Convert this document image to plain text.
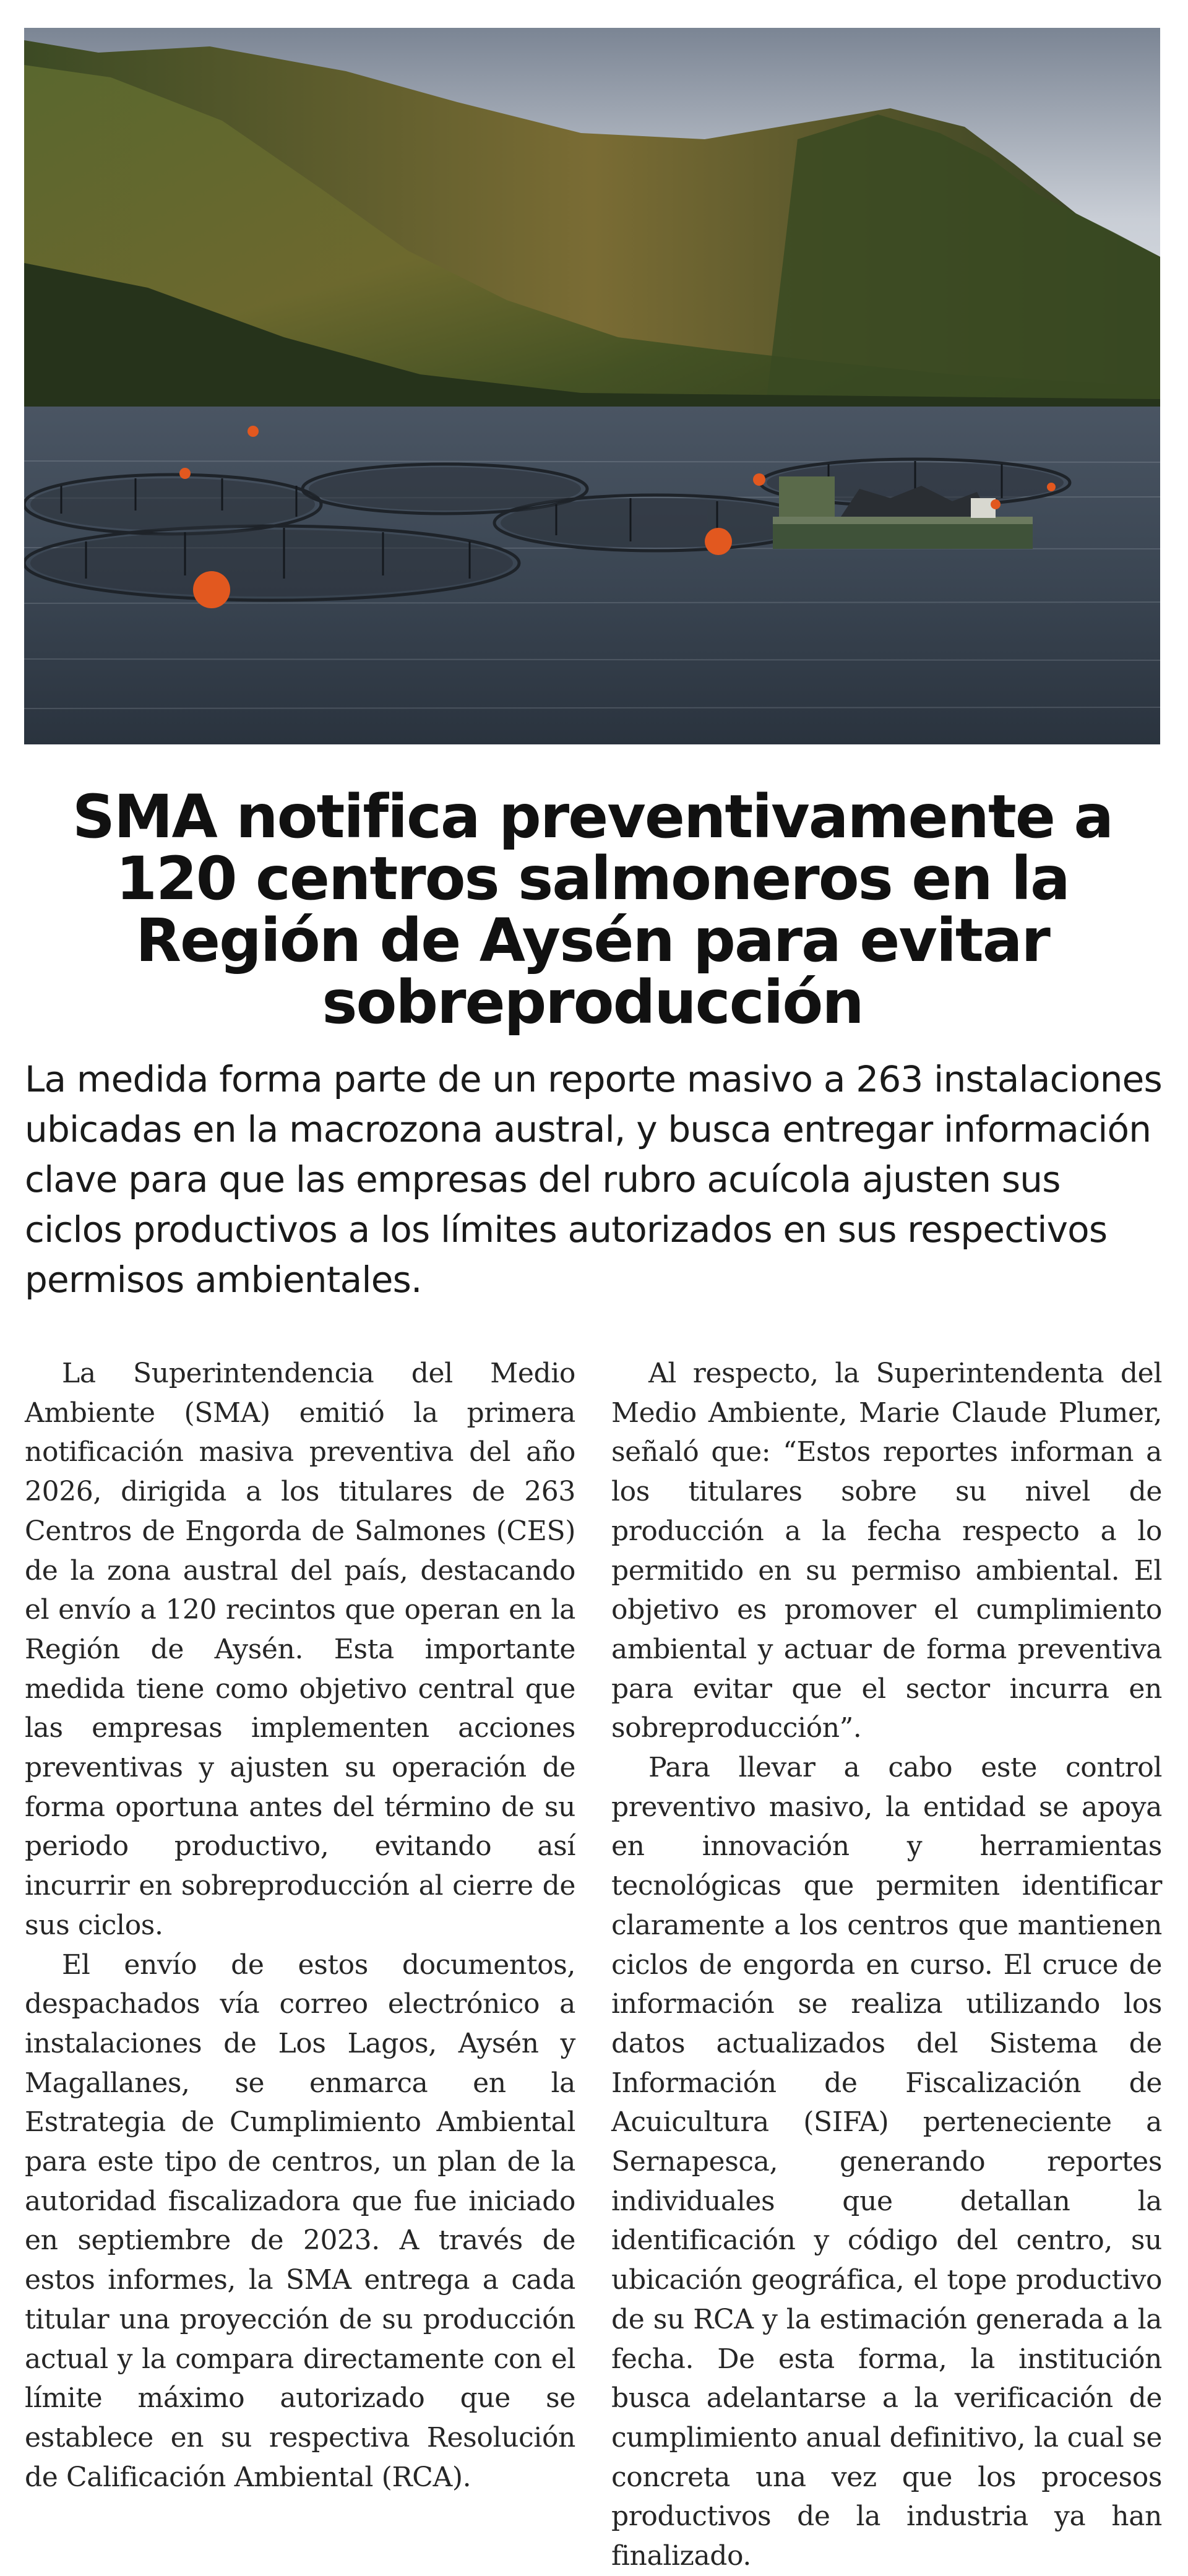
SMA notifica preventivamente a 120 centros salmoneros en la Región de Aysén para evitar sobreproducción
La medida forma parte de un reporte masivo a 263 instalaciones ubicadas en la macrozona austral, y busca entregar información clave para que las empresas del rubro acuícola ajusten sus ciclos productivos a los límites autorizados en sus respectivos permisos ambientales.

La Superintendencia del Medio Ambiente (SMA) emitió la primera notificación masiva preventiva del año 2026, dirigida a los titulares de 263 Centros de Engorda de Salmones (CES) de la zona austral del país, destacando el envío a 120 recintos que operan en la Región de Aysén. Esta importante medida tiene como objetivo central que las empresas implementen acciones preventivas y ajusten su operación de forma oportuna antes del término de su periodo productivo, evitando así incurrir en sobreproducción al cierre de sus ciclos.

El envío de estos documentos, despachados vía correo electrónico a instalaciones de Los Lagos, Aysén y Magallanes, se enmarca en la Estrategia de Cumplimiento Ambiental para este tipo de centros, un plan de la autoridad fiscalizadora que fue iniciado en septiembre de 2023. A través de estos informes, la SMA entrega a cada titular una proyección de su producción actual y la compara directamente con el límite máximo autorizado que se establece en su respectiva Resolución de Calificación Ambiental (RCA).

Al respecto, la Superintendenta del Medio Ambiente, Marie Claude Plumer, señaló que: “Estos reportes informan a los titulares sobre su nivel de producción a la fecha respecto a lo permitido en su permiso ambiental. El objetivo es promover el cumplimiento ambiental y actuar de forma preventiva para evitar que el sector incurra en sobreproducción”.

Para llevar a cabo este control preventivo masivo, la entidad se apoya en innovación y herramientas tecnológicas que permiten identificar claramente a los centros que mantienen ciclos de engorda en curso. El cruce de información se realiza utilizando los datos actualizados del Sistema de Información de Fiscalización de Acuicultura (SIFA) perteneciente a Sernapesca, generando reportes individuales que detallan la identificación y código del centro, su ubicación geográfica, el tope productivo de su RCA y la estimación generada a la fecha. De esta forma, la institución busca adelantarse a la verificación de cumplimiento anual definitivo, la cual se concreta una vez que los procesos productivos de la industria ya han finalizado.
